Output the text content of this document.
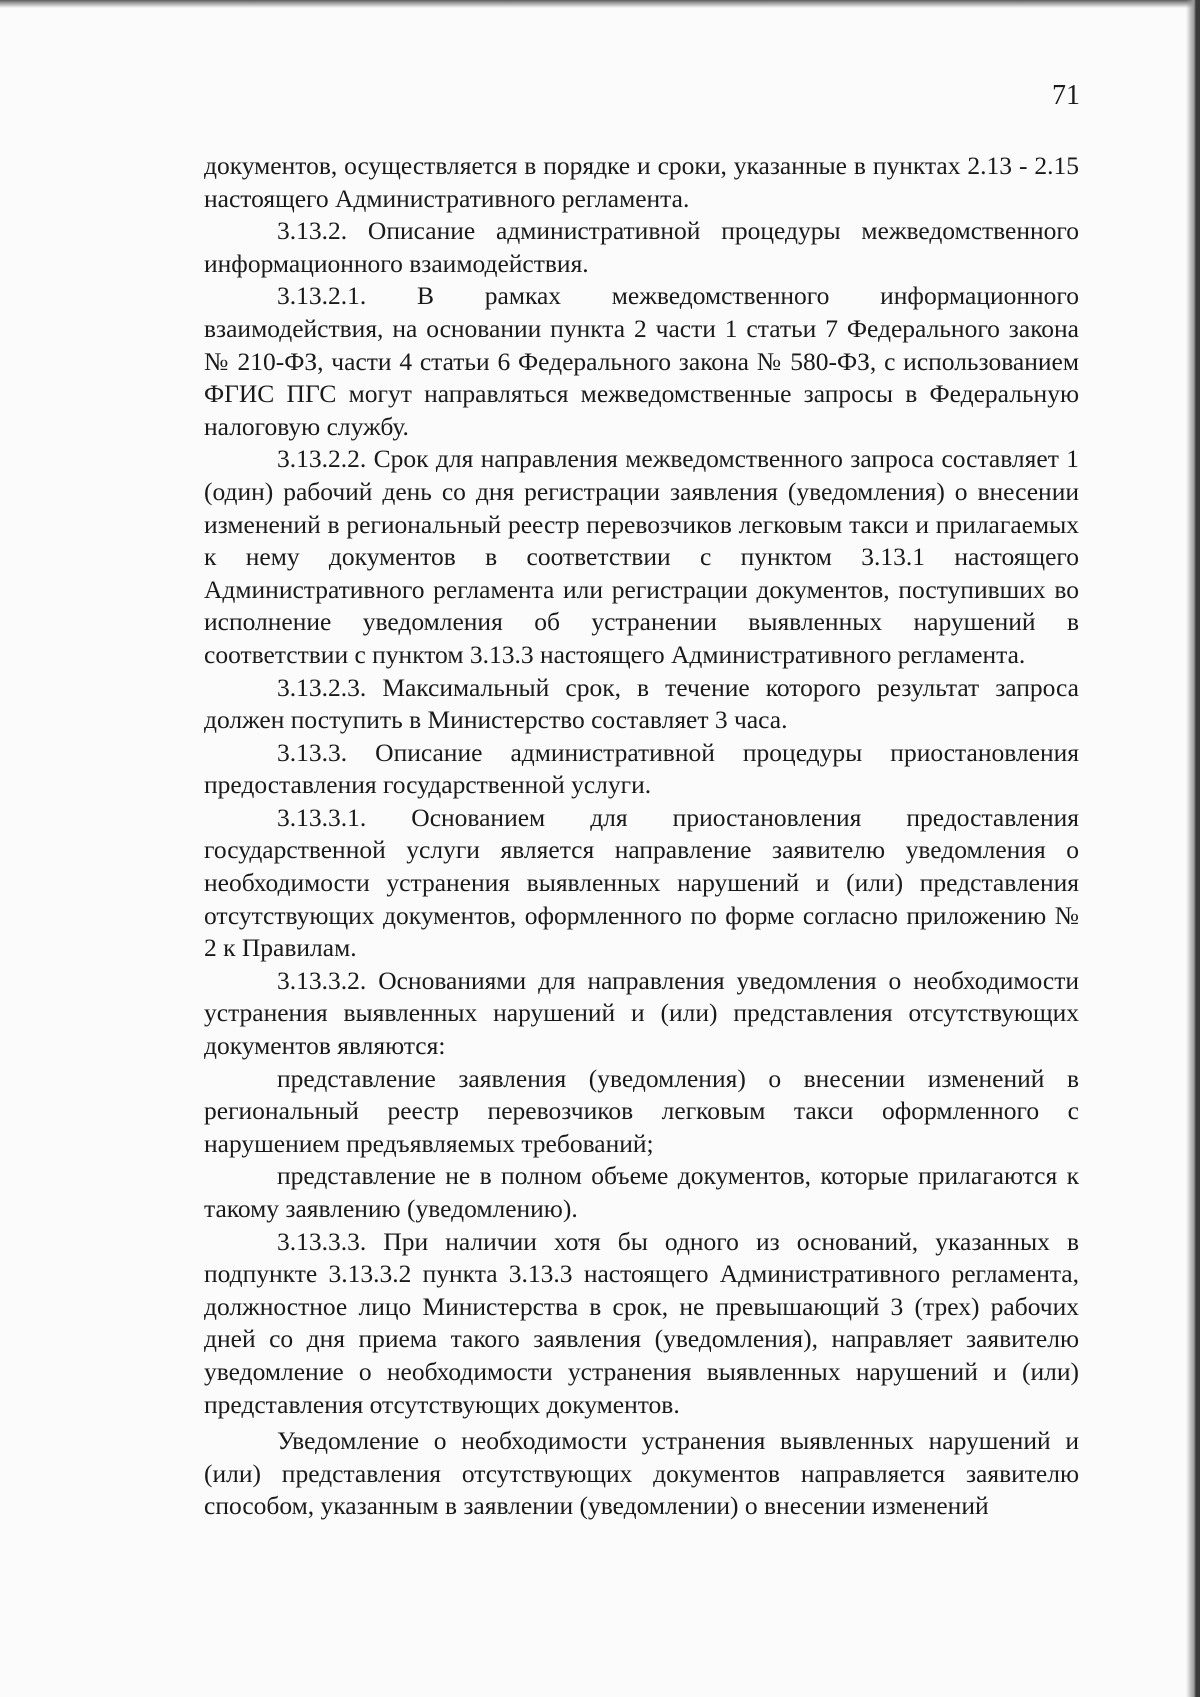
71

документов, осуществляется в порядке и сроки, указанные в пунктах 2.13 - 2.15 настоящего Административного регламента.

3.13.2. Описание административной процедуры межведомственного информационного взаимодействия.

3.13.2.1. В рамках межведомственного информационного взаимодействия, на основании пункта 2 части 1 статьи 7 Федерального закона № 210-ФЗ, части 4 статьи 6 Федерального закона № 580-ФЗ, с использованием ФГИС ПГС могут направляться межведомственные запросы в Федеральную налоговую службу.

3.13.2.2. Срок для направления межведомственного запроса составляет 1 (один) рабочий день со дня регистрации заявления (уведомления) о внесении изменений в региональный реестр перевозчиков легковым такси и прилагаемых к нему документов в соответствии с пунктом 3.13.1 настоящего Административного регламента или регистрации документов, поступивших во исполнение уведомления об устранении выявленных нарушений в соответствии с пунктом 3.13.3 настоящего Административного регламента.

3.13.2.3. Максимальный срок, в течение которого результат запроса должен поступить в Министерство составляет 3 часа.

3.13.3. Описание административной процедуры приостановления предоставления государственной услуги.

3.13.3.1. Основанием для приостановления предоставления государственной услуги является направление заявителю уведомления о необходимости устранения выявленных нарушений и (или) представления отсутствующих документов, оформленного по форме согласно приложению № 2 к Правилам.

3.13.3.2. Основаниями для направления уведомления о необходимости устранения выявленных нарушений и (или) представления отсутствующих документов являются:

представление заявления (уведомления) о внесении изменений в региональный реестр перевозчиков легковым такси оформленного с нарушением предъявляемых требований;

представление не в полном объеме документов, которые прилагаются к такому заявлению (уведомлению).

3.13.3.3. При наличии хотя бы одного из оснований, указанных в подпункте 3.13.3.2 пункта 3.13.3 настоящего Административного регламента, должностное лицо Министерства в срок, не превышающий 3 (трех) рабочих дней со дня приема такого заявления (уведомления), направляет заявителю уведомление о необходимости устранения выявленных нарушений и (или) представления отсутствующих документов.

Уведомление о необходимости устранения выявленных нарушений и (или) представления отсутствующих документов направляется заявителю способом, указанным в заявлении (уведомлении) о внесении изменений
